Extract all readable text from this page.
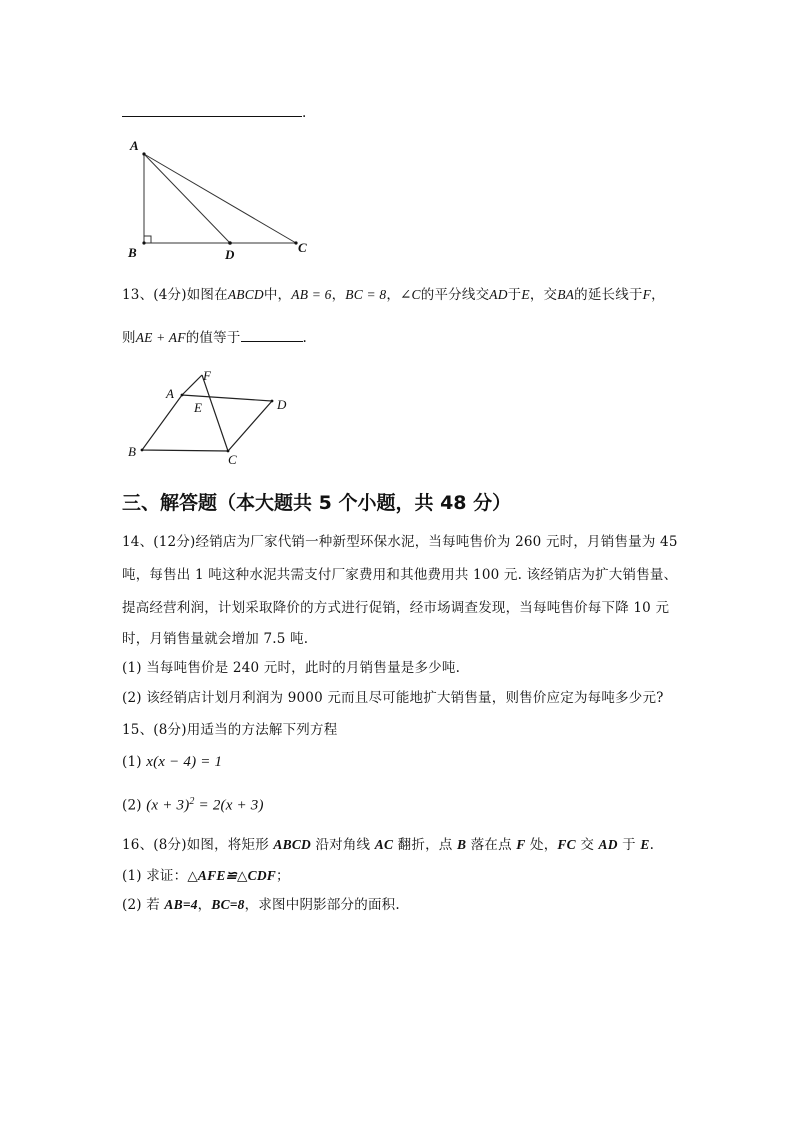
.
A
B	D	C
13、(4分)如图在ABCD中，AB = 6，BC = 8，∠C的平分线交AD于E，交BA的延长线于F，
则AE + AF的值等于	.
F
A
E	D
B
C
三、解答题（本大题共 5 个小题，共 48 分）
14、(12分)经销店为厂家代销一种新型环保水泥，当每吨售价为 260 元时，月销售量为 45
吨，每售出 1 吨这种水泥共需支付厂家费用和其他费用共 100 元. 该经销店为扩大销售量、
提高经营利润，计划采取降价的方式进行促销，经市场调查发现，当每吨售价每下降 10 元
时，月销售量就会增加 7.5 吨.
(1) 当每吨售价是 240 元时，此时的月销售量是多少吨.
(2) 该经销店计划月利润为 9000 元而且尽可能地扩大销售量，则售价应定为每吨多少元?
15、(8分)用适当的方法解下列方程
(1) x(x − 4) = 1
(2) $(x + 3)^2 = 2(x + 3)$
16、(8分)如图，将矩形 ABCD 沿对角线 AC 翻折，点 B 落在点 F 处，FC 交 AD 于 E.
(1) 求证：△AFE≌△CDF；
(2) 若 AB=4，BC=8，求图中阴影部分的面积.
